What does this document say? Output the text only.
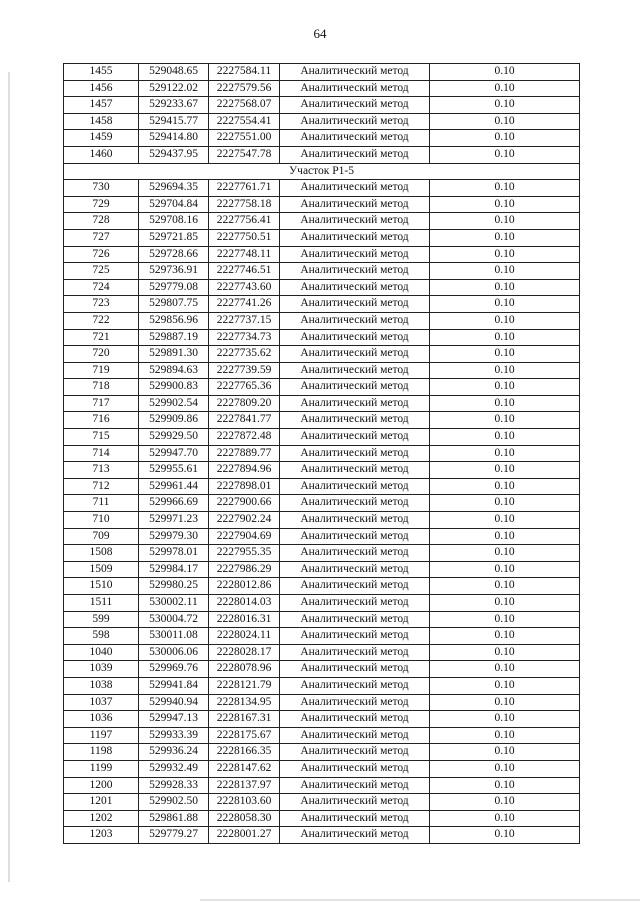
64
1455	529048.65	2227584.11	Аналитический метод	0.10
1456	529122.02	2227579.56	Аналитический метод	0.10
1457	529233.67	2227568.07	Аналитический метод	0.10
1458	529415.77	2227554.41	Аналитический метод	0.10
1459	529414.80	2227551.00	Аналитический метод	0.10
1460	529437.95	2227547.78	Аналитический метод	0.10
Участок Р1-5				
730	529694.35	2227761.71	Аналитический метод	0.10
729	529704.84	2227758.18	Аналитический метод	0.10
728	529708.16	2227756.41	Аналитический метод	0.10
727	529721.85	2227750.51	Аналитический метод	0.10
726	529728.66	2227748.11	Аналитический метод	0.10
725	529736.91	2227746.51	Аналитический метод	0.10
724	529779.08	2227743.60	Аналитический метод	0.10
723	529807.75	2227741.26	Аналитический метод	0.10
722	529856.96	2227737.15	Аналитический метод	0.10
721	529887.19	2227734.73	Аналитический метод	0.10
720	529891.30	2227735.62	Аналитический метод	0.10
719	529894.63	2227739.59	Аналитический метод	0.10
718	529900.83	2227765.36	Аналитический метод	0.10
717	529902.54	2227809.20	Аналитический метод	0.10
716	529909.86	2227841.77	Аналитический метод	0.10
715	529929.50	2227872.48	Аналитический метод	0.10
714	529947.70	2227889.77	Аналитический метод	0.10
713	529955.61	2227894.96	Аналитический метод	0.10
712	529961.44	2227898.01	Аналитический метод	0.10
711	529966.69	2227900.66	Аналитический метод	0.10
710	529971.23	2227902.24	Аналитический метод	0.10
709	529979.30	2227904.69	Аналитический метод	0.10
1508	529978.01	2227955.35	Аналитический метод	0.10
1509	529984.17	2227986.29	Аналитический метод	0.10
1510	529980.25	2228012.86	Аналитический метод	0.10
1511	530002.11	2228014.03	Аналитический метод	0.10
599	530004.72	2228016.31	Аналитический метод	0.10
598	530011.08	2228024.11	Аналитический метод	0.10
1040	530006.06	2228028.17	Аналитический метод	0.10
1039	529969.76	2228078.96	Аналитический метод	0.10
1038	529941.84	2228121.79	Аналитический метод	0.10
1037	529940.94	2228134.95	Аналитический метод	0.10
1036	529947.13	2228167.31	Аналитический метод	0.10
1197	529933.39	2228175.67	Аналитический метод	0.10
1198	529936.24	2228166.35	Аналитический метод	0.10
1199	529932.49	2228147.62	Аналитический метод	0.10
1200	529928.33	2228137.97	Аналитический метод	0.10
1201	529902.50	2228103.60	Аналитический метод	0.10
1202	529861.88	2228058.30	Аналитический метод	0.10
1203	529779.27	2228001.27	Аналитический метод	0.10
